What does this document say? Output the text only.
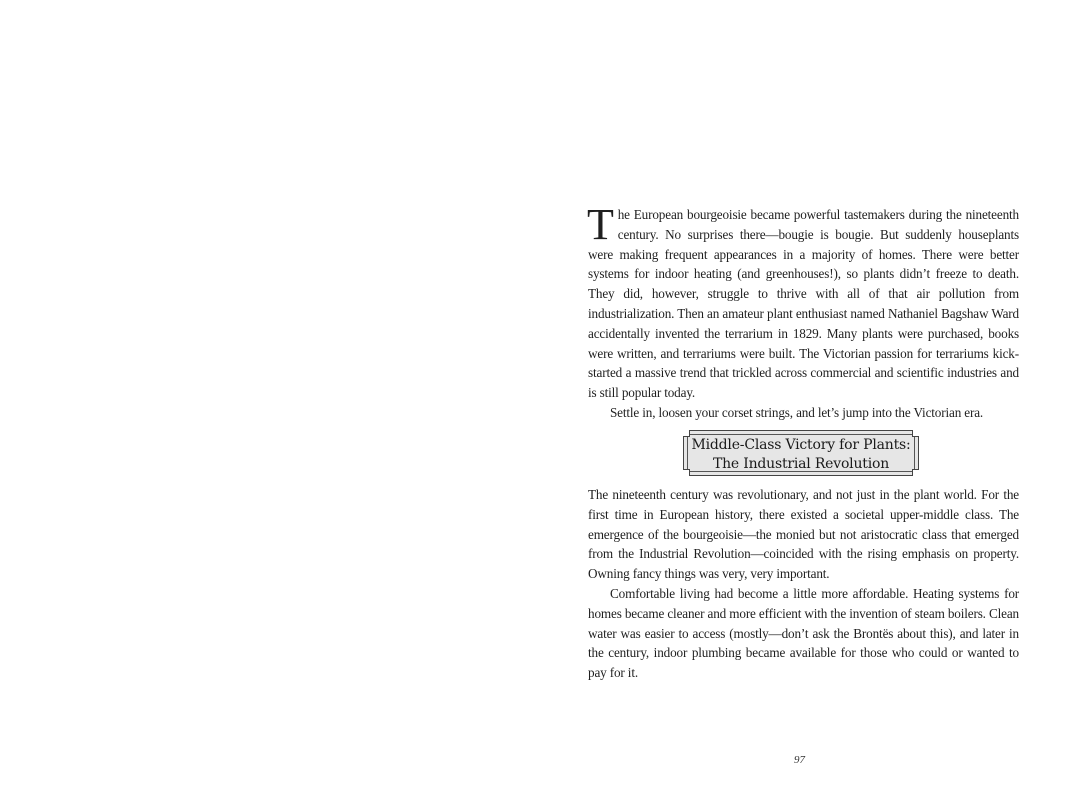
The European bourgeoisie became powerful tastemakers during the nineteenth century. No surprises there—bougie is bougie. But suddenly houseplants were making frequent appearances in a majority of homes. There were better systems for indoor heating (and greenhouses!), so plants didn’t freeze to death. They did, however, struggle to thrive with all of that air pollution from industrialization. Then an amateur plant enthusiast named Nathaniel Bagshaw Ward accidentally invented the terrarium in 1829. Many plants were purchased, books were written, and terrariums were built. The Victorian passion for terrariums kick-started a massive trend that trickled across commercial and scientific industries and is still popular today.

Settle in, loosen your corset strings, and let’s jump into the Victorian era.

Middle-Class Victory for Plants:
The Industrial Revolution

The nineteenth century was revolutionary, and not just in the plant world. For the first time in European history, there existed a societal upper-middle class. The emergence of the bourgeoisie—the monied but not aristocratic class that emerged from the Industrial Revolution—coincided with the rising emphasis on property. Owning fancy things was very, very important.

Comfortable living had become a little more affordable. Heating systems for homes became cleaner and more efficient with the invention of steam boilers. Clean water was easier to access (mostly—don’t ask the Brontës about this), and later in the century, indoor plumbing became available for those who could or wanted to pay for it.

97
